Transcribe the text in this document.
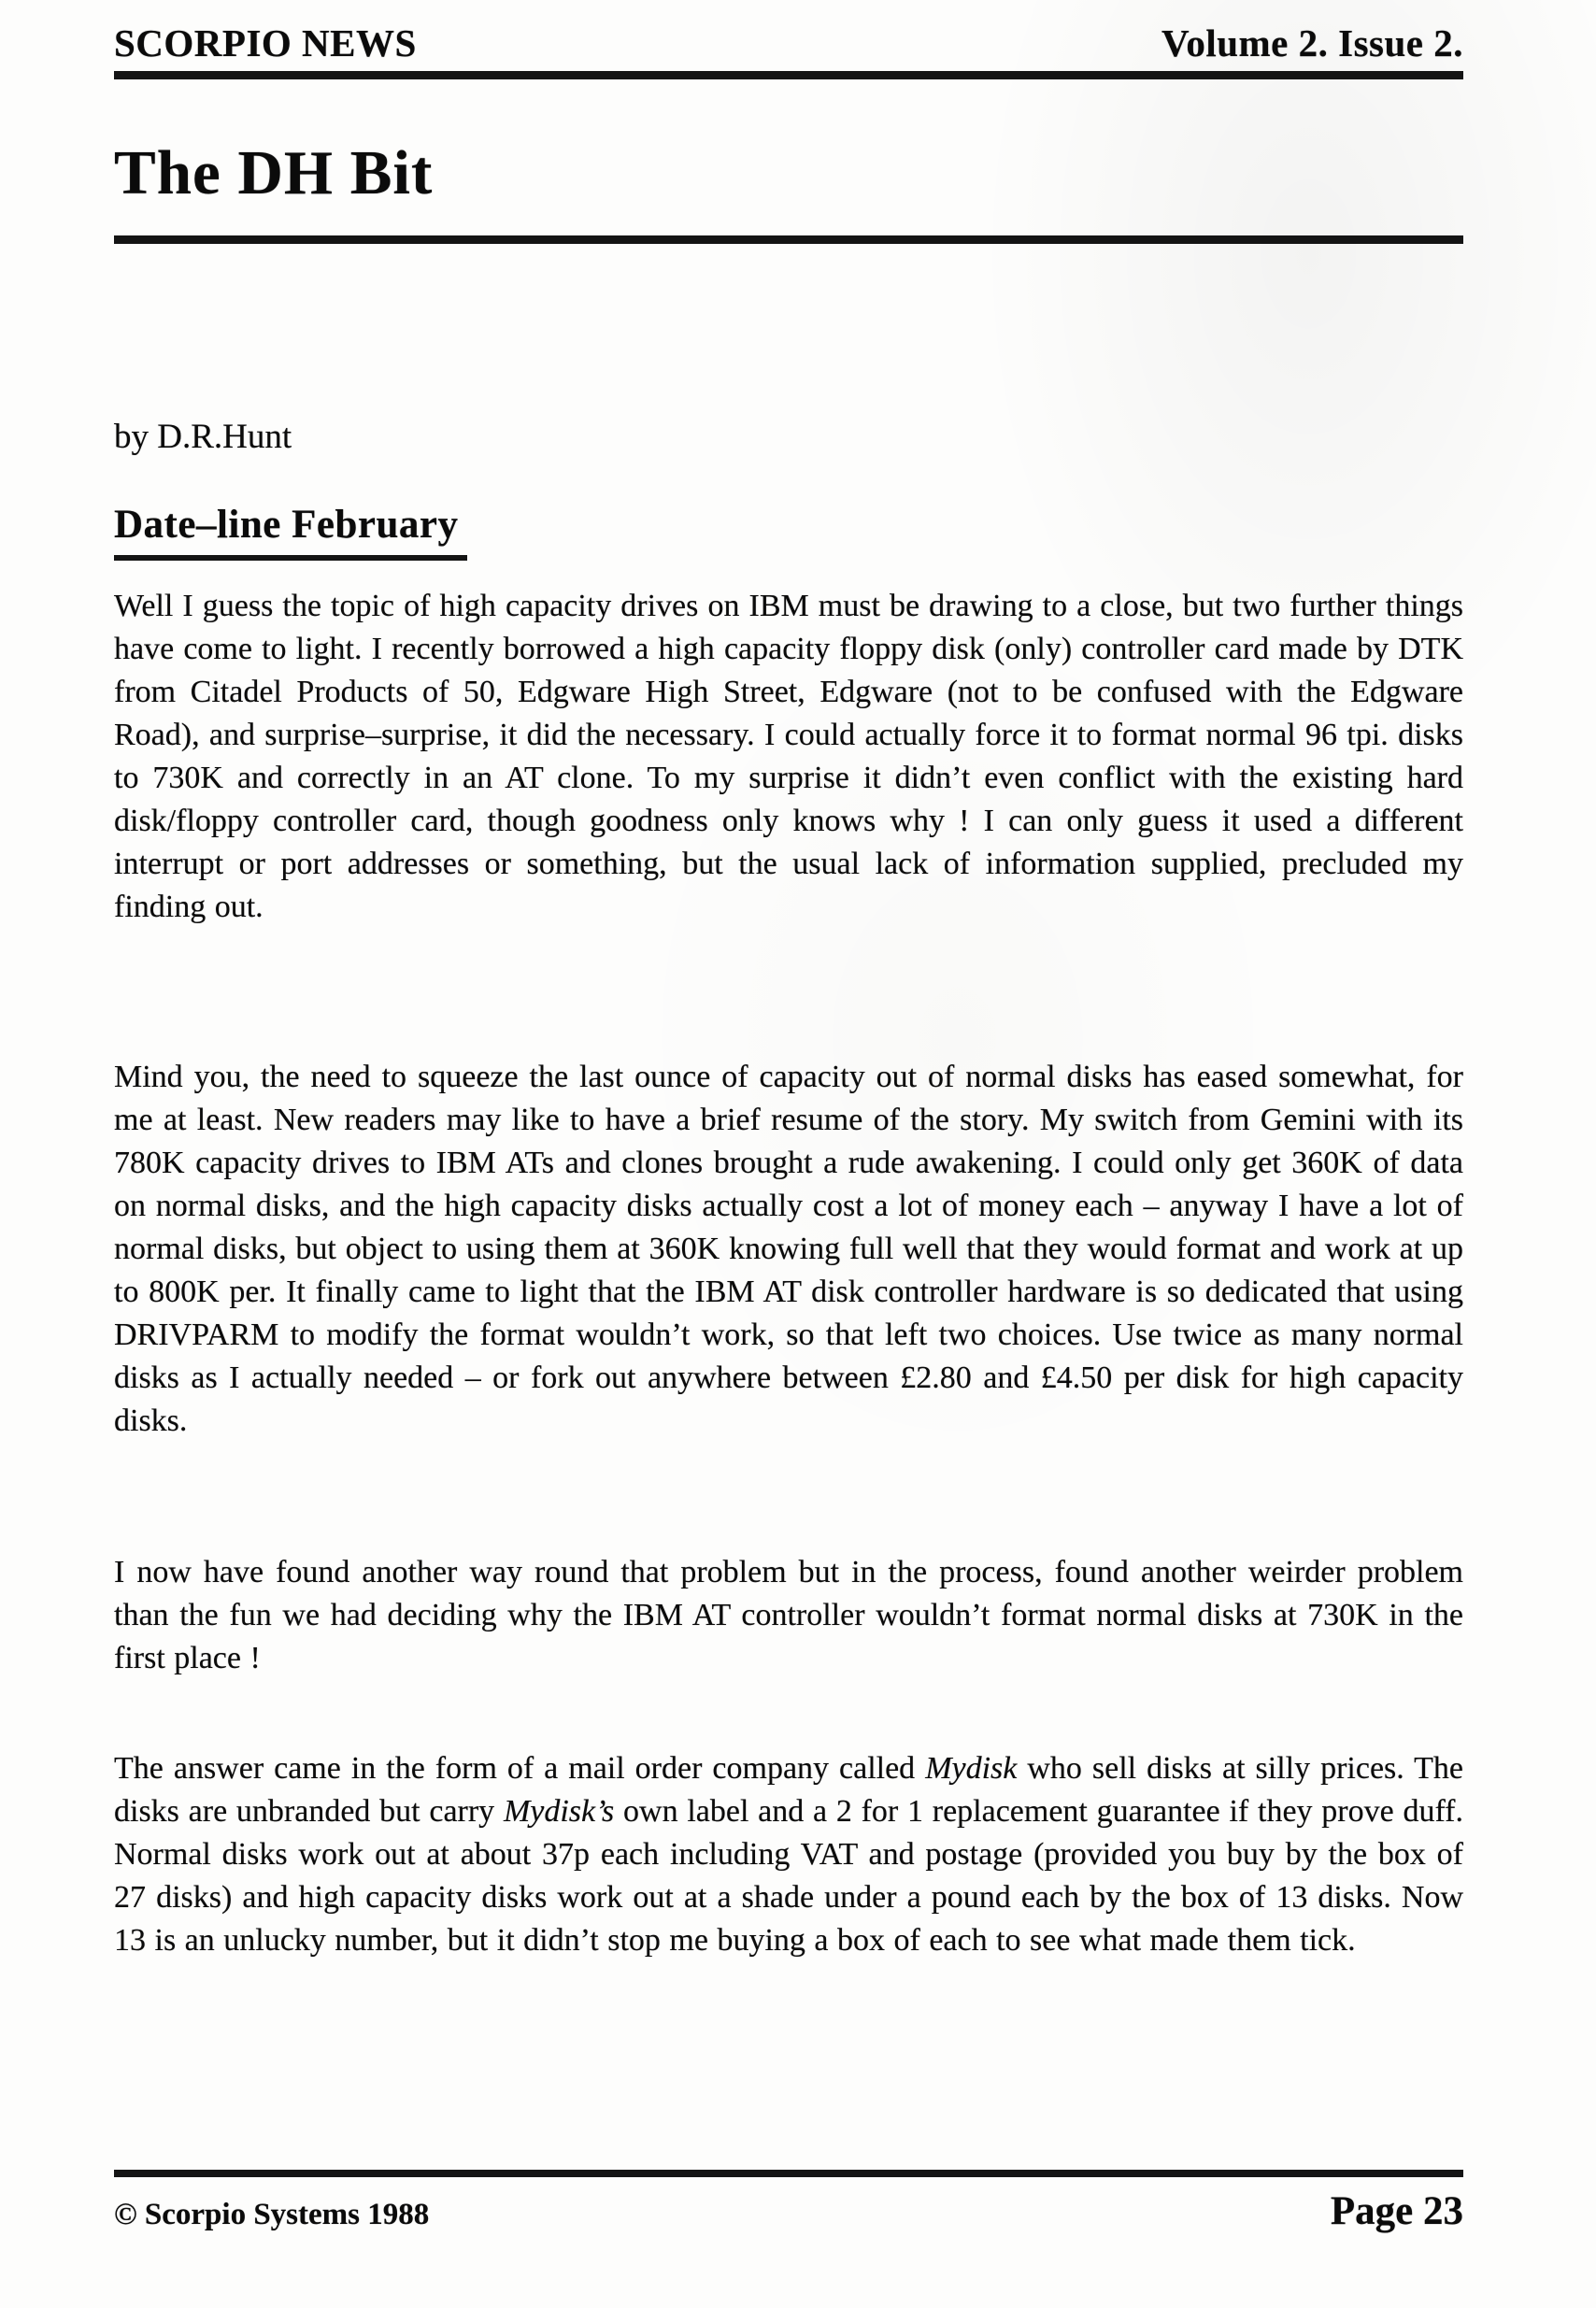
SCORPIO NEWS	Volume 2. Issue 2.
The DH Bit
by D.R.Hunt
Date–line February

Well I guess the topic of high capacity drives on IBM must be drawing to a close, but two further things have come to light. I recently borrowed a high capacity floppy disk (only) controller card made by DTK from Citadel Products of 50, Edgware High Street, Edgware (not to be confused with the Edgware Road), and surprise–surprise, it did the necessary. I could actually force it to format normal 96 tpi. disks to 730K and correctly in an AT clone. To my surprise it didn’t even conflict with the existing hard disk/floppy controller card, though goodness only knows why ! I can only guess it used a different interrupt or port addresses or something, but the usual lack of information supplied, precluded my finding out.

Mind you, the need to squeeze the last ounce of capacity out of normal disks has eased somewhat, for me at least. New readers may like to have a brief resume of the story. My switch from Gemini with its 780K capacity drives to IBM ATs and clones brought a rude awakening. I could only get 360K of data on normal disks, and the high capacity disks actually cost a lot of money each – anyway I have a lot of normal disks, but object to using them at 360K knowing full well that they would format and work at up to 800K per. It finally came to light that the IBM AT disk controller hardware is so dedicated that using DRIVPARM to modify the format wouldn’t work, so that left two choices. Use twice as many normal disks as I actually needed – or fork out anywhere between £2.80 and £4.50 per disk for high capacity disks.

I now have found another way round that problem but in the process, found another weirder problem than the fun we had deciding why the IBM AT controller wouldn’t format normal disks at 730K in the first place !

The answer came in the form of a mail order company called Mydisk who sell disks at silly prices. The disks are unbranded but carry Mydisk’s own label and a 2 for 1 replacement guarantee if they prove duff. Normal disks work out at about 37p each including VAT and postage (provided you buy by the box of 27 disks) and high capacity disks work out at a shade under a pound each by the box of 13 disks. Now 13 is an unlucky number, but it didn’t stop me buying a box of each to see what made them tick.

© Scorpio Systems 1988	Page 23
